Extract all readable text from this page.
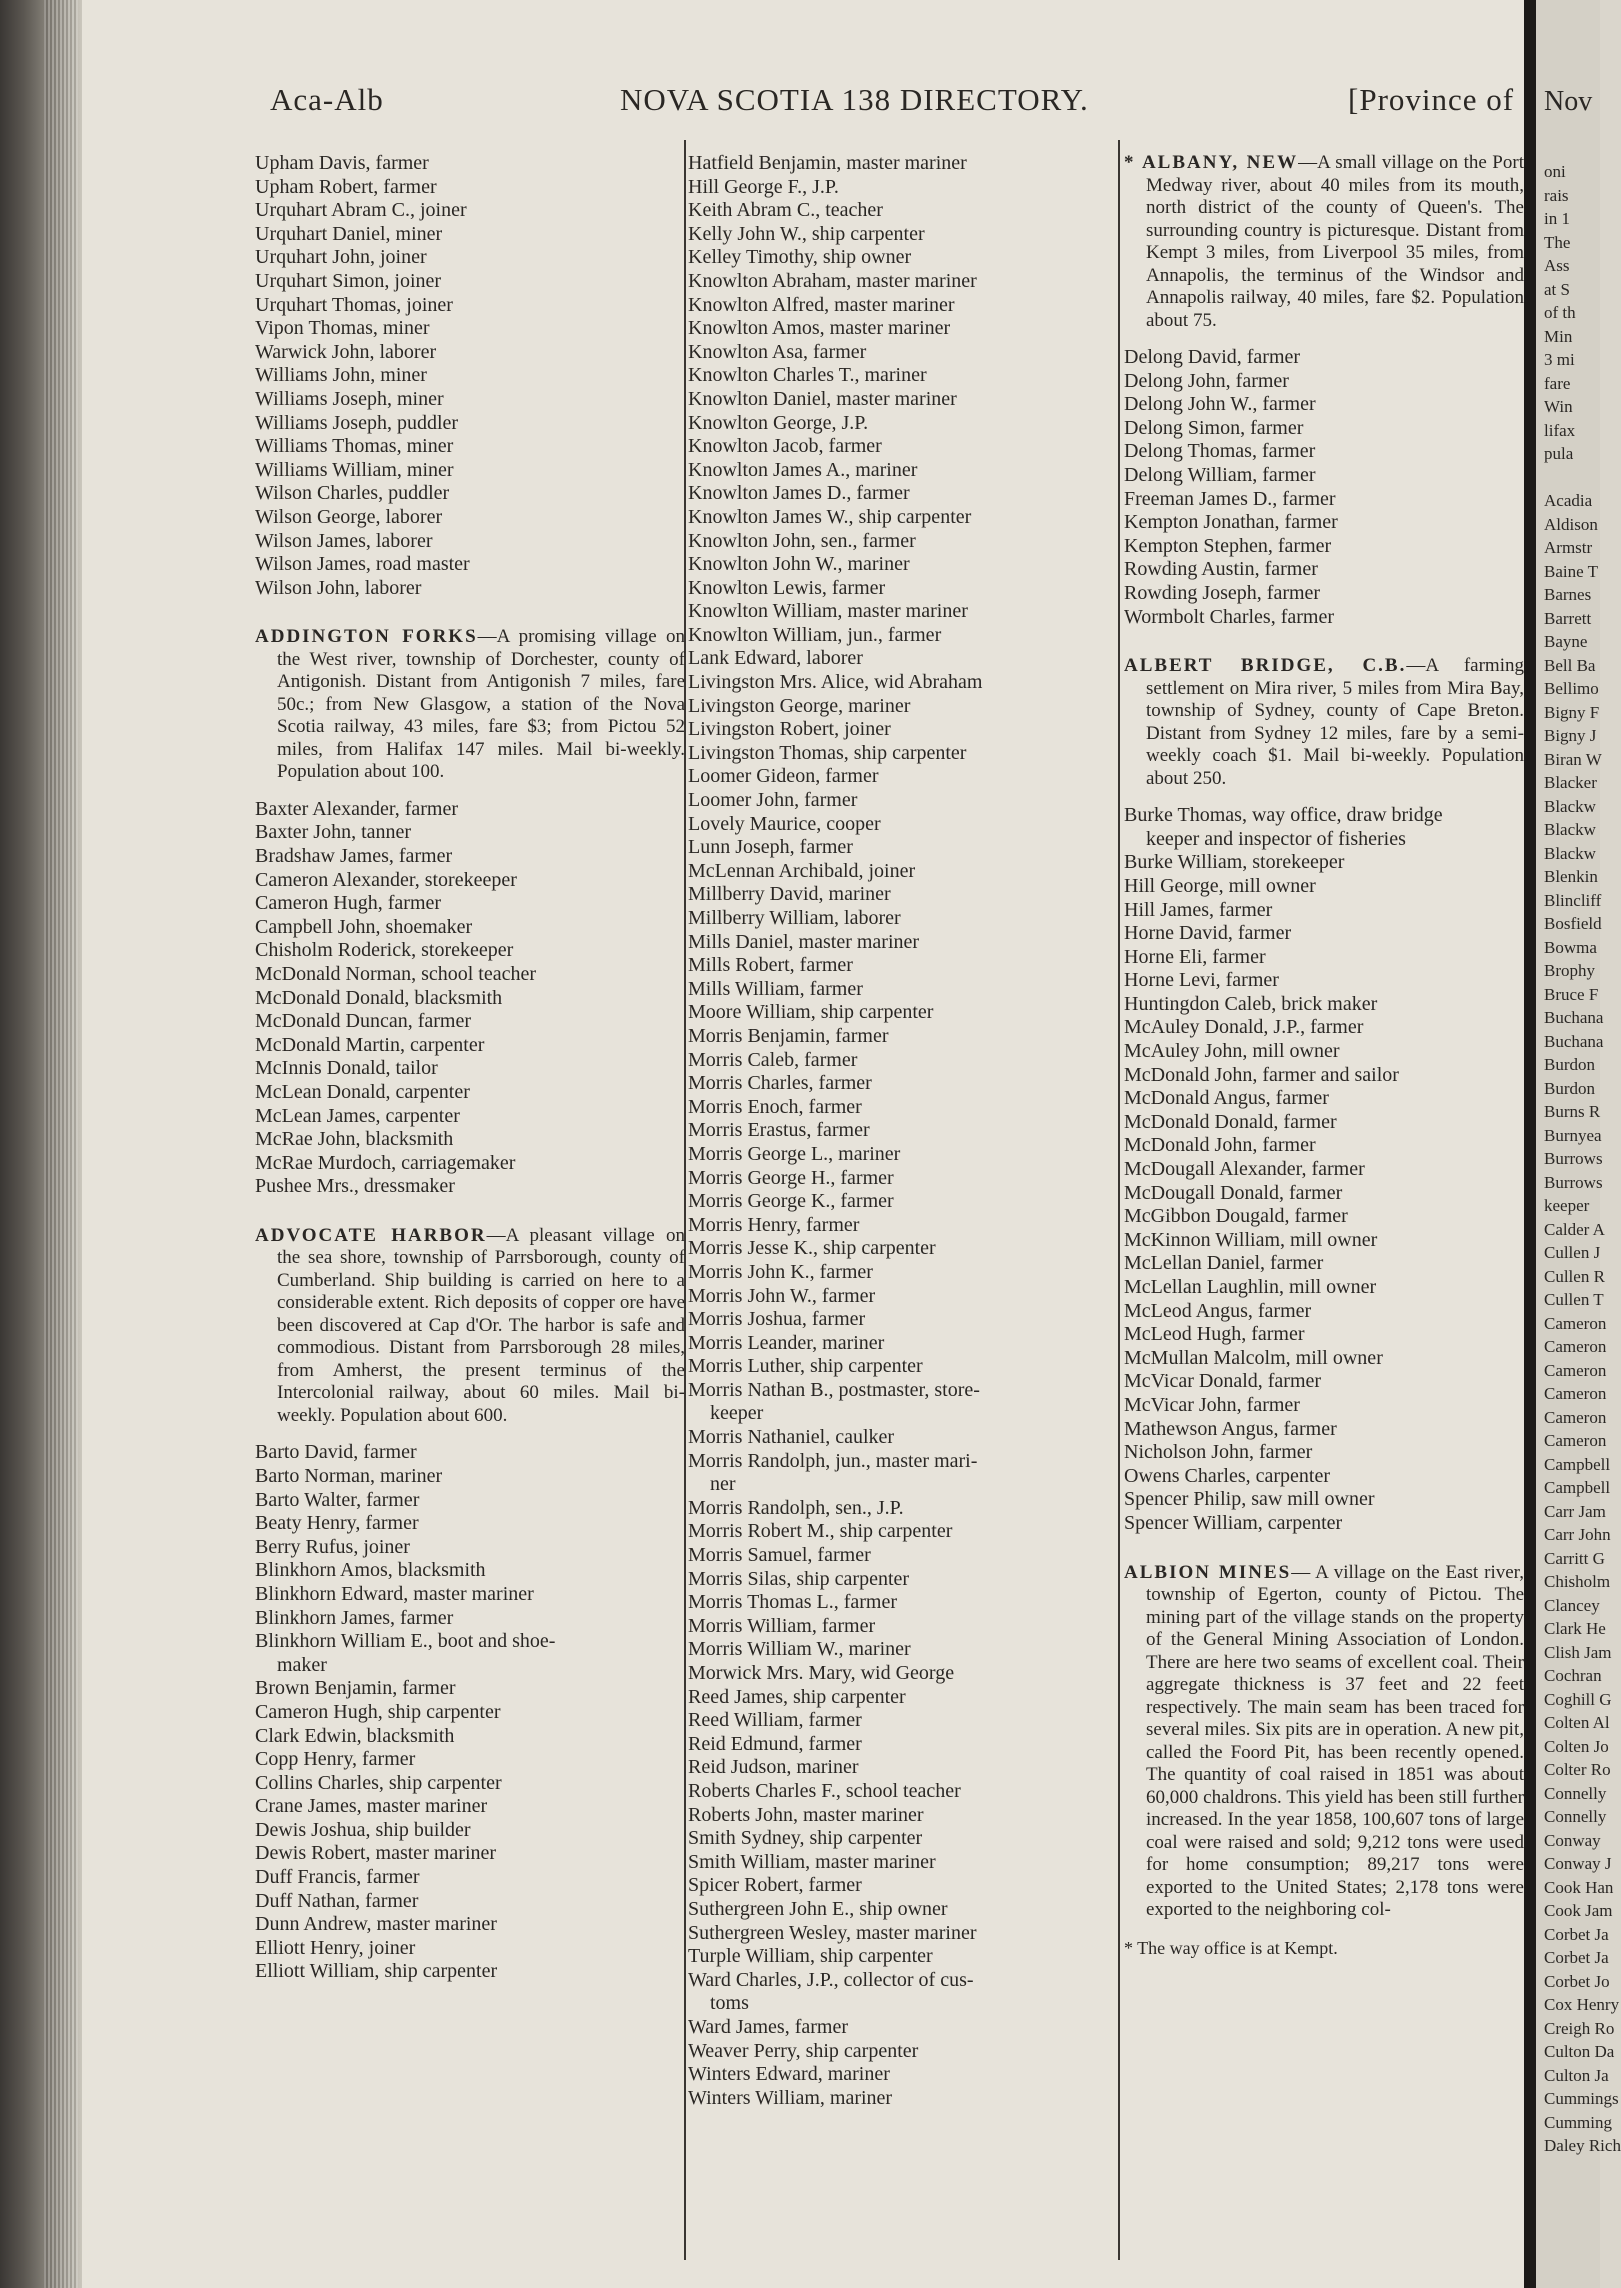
Aca-Alb	NOVA SCOTIA 138 DIRECTORY.	[Province of
Upham Davis, farmer
Upham Robert, farmer
Urquhart Abram C., joiner
Urquhart Daniel, miner
Urquhart John, joiner
Urquhart Simon, joiner
Urquhart Thomas, joiner
Vipon Thomas, miner
Warwick John, laborer
Williams John, miner
Williams Joseph, miner
Williams Joseph, puddler
Williams Thomas, miner
Williams William, miner
Wilson Charles, puddler
Wilson George, laborer
Wilson James, laborer
Wilson James, road master
Wilson John, laborer
ADDINGTON FORKS—A promising village on the West river, township of Dorchester, county of Antigonish. Distant from Antigonish 7 miles, fare 50c.; from New Glasgow, a station of the Nova Scotia railway, 43 miles, fare $3; from Pictou 52 miles, from Halifax 147 miles. Mail bi-weekly. Population about 100.
Baxter Alexander, farmer
Baxter John, tanner
Bradshaw James, farmer
Cameron Alexander, storekeeper
Cameron Hugh, farmer
Campbell John, shoemaker
Chisholm Roderick, storekeeper
McDonald Norman, school teacher
McDonald Donald, blacksmith
McDonald Duncan, farmer
McDonald Martin, carpenter
McInnis Donald, tailor
McLean Donald, carpenter
McLean James, carpenter
McRae John, blacksmith
McRae Murdoch, carriagemaker
Pushee Mrs., dressmaker
ADVOCATE HARBOR—A pleasant village on the sea shore, township of Parrsborough, county of Cumberland. Ship building is carried on here to a considerable extent. Rich deposits of copper ore have been discovered at Cap d'Or. The harbor is safe and commodious. Distant from Parrsborough 28 miles, from Amherst, the present terminus of the Intercolonial railway, about 60 miles. Mail bi-weekly. Population about 600.
Barto David, farmer
Barto Norman, mariner
Barto Walter, farmer
Beaty Henry, farmer
Berry Rufus, joiner
Blinkhorn Amos, blacksmith
Blinkhorn Edward, master mariner
Blinkhorn James, farmer
Blinkhorn William E., boot and shoe-
maker
Brown Benjamin, farmer
Cameron Hugh, ship carpenter
Clark Edwin, blacksmith
Copp Henry, farmer
Collins Charles, ship carpenter
Crane James, master mariner
Dewis Joshua, ship builder
Dewis Robert, master mariner
Duff Francis, farmer
Duff Nathan, farmer
Dunn Andrew, master mariner
Elliott Henry, joiner
Elliott William, ship carpenter
Hatfield Benjamin, master mariner
Hill George F., J.P.
Keith Abram C., teacher
Kelly John W., ship carpenter
Kelley Timothy, ship owner
Knowlton Abraham, master mariner
Knowlton Alfred, master mariner
Knowlton Amos, master mariner
Knowlton Asa, farmer
Knowlton Charles T., mariner
Knowlton Daniel, master mariner
Knowlton George, J.P.
Knowlton Jacob, farmer
Knowlton James A., mariner
Knowlton James D., farmer
Knowlton James W., ship carpenter
Knowlton John, sen., farmer
Knowlton John W., mariner
Knowlton Lewis, farmer
Knowlton William, master mariner
Knowlton William, jun., farmer
Lank Edward, laborer
Livingston Mrs. Alice, wid Abraham
Livingston George, mariner
Livingston Robert, joiner
Livingston Thomas, ship carpenter
Loomer Gideon, farmer
Loomer John, farmer
Lovely Maurice, cooper
Lunn Joseph, farmer
McLennan Archibald, joiner
Millberry David, mariner
Millberry William, laborer
Mills Daniel, master mariner
Mills Robert, farmer
Mills William, farmer
Moore William, ship carpenter
Morris Benjamin, farmer
Morris Caleb, farmer
Morris Charles, farmer
Morris Enoch, farmer
Morris Erastus, farmer
Morris George L., mariner
Morris George H., farmer
Morris George K., farmer
Morris Henry, farmer
Morris Jesse K., ship carpenter
Morris John K., farmer
Morris John W., farmer
Morris Joshua, farmer
Morris Leander, mariner
Morris Luther, ship carpenter
Morris Nathan B., postmaster, store-
keeper
Morris Nathaniel, caulker
Morris Randolph, jun., master mari-
ner
Morris Randolph, sen., J.P.
Morris Robert M., ship carpenter
Morris Samuel, farmer
Morris Silas, ship carpenter
Morris Thomas L., farmer
Morris William, farmer
Morris William W., mariner
Morwick Mrs. Mary, wid George
Reed James, ship carpenter
Reed William, farmer
Reid Edmund, farmer
Reid Judson, mariner
Roberts Charles F., school teacher
Roberts John, master mariner
Smith Sydney, ship carpenter
Smith William, master mariner
Spicer Robert, farmer
Suthergreen John E., ship owner
Suthergreen Wesley, master mariner
Turple William, ship carpenter
Ward Charles, J.P., collector of cus-
toms
Ward James, farmer
Weaver Perry, ship carpenter
Winters Edward, mariner
Winters William, mariner
* ALBANY, NEW—A small village on the Port Medway river, about 40 miles from its mouth, north district of the county of Queen's. The surrounding country is picturesque. Distant from Kempt 3 miles, from Liverpool 35 miles, from Annapolis, the terminus of the Windsor and Annapolis railway, 40 miles, fare $2. Population about 75.
Delong David, farmer
Delong John, farmer
Delong John W., farmer
Delong Simon, farmer
Delong Thomas, farmer
Delong William, farmer
Freeman James D., farmer
Kempton Jonathan, farmer
Kempton Stephen, farmer
Rowding Austin, farmer
Rowding Joseph, farmer
Wormbolt Charles, farmer
ALBERT BRIDGE, C.B.—A farming settlement on Mira river, 5 miles from Mira Bay, township of Sydney, county of Cape Breton. Distant from Sydney 12 miles, fare by a semi-weekly coach $1. Mail bi-weekly. Population about 250.
Burke Thomas, way office, draw bridge
keeper and inspector of fisheries
Burke William, storekeeper
Hill George, mill owner
Hill James, farmer
Horne David, farmer
Horne Eli, farmer
Horne Levi, farmer
Huntingdon Caleb, brick maker
McAuley Donald, J.P., farmer
McAuley John, mill owner
McDonald John, farmer and sailor
McDonald Angus, farmer
McDonald Donald, farmer
McDonald John, farmer
McDougall Alexander, farmer
McDougall Donald, farmer
McGibbon Dougald, farmer
McKinnon William, mill owner
McLellan Daniel, farmer
McLellan Laughlin, mill owner
McLeod Angus, farmer
McLeod Hugh, farmer
McMullan Malcolm, mill owner
McVicar Donald, farmer
McVicar John, farmer
Mathewson Angus, farmer
Nicholson John, farmer
Owens Charles, carpenter
Spencer Philip, saw mill owner
Spencer William, carpenter
ALBION MINES— A village on the East river, township of Egerton, county of Pictou. The mining part of the village stands on the property of the General Mining Association of London. There are here two seams of excellent coal. Their aggregate thickness is 37 feet and 22 feet respectively. The main seam has been traced for several miles. Six pits are in operation. A new pit, called the Foord Pit, has been recently opened. The quantity of coal raised in 1851 was about 60,000 chaldrons. This yield has been still further increased. In the year 1858, 100,607 tons of large coal were raised and sold; 9,212 tons were used for home consumption; 89,217 tons were exported to the United States; 2,178 tons were exported to the neighboring col-
* The way office is at Kempt.
Nov
oni
rais
in 1
The
Ass
at S
of th
Min
3 mi
fare
Win
lifax
pula
Acadia
Aldison
Armstr
Baine T
Barnes
Barrett
Bayne
Bell Ba
Bellimo
Bigny F
Bigny J
Biran W
Blacker
Blackw
Blackw
Blackw
Blenkin
Blincliff
Bosfield
Bowma
Brophy
Bruce F
Buchana
Buchana
Burdon
Burdon
Burns R
Burnyea
Burrows
Burrows
keeper
Calder A
Cullen J
Cullen R
Cullen T
Cameron
Cameron
Cameron
Cameron
Cameron
Cameron
Campbell
Campbell
Carr Jam
Carr John
Carritt G
Chisholm
Clancey
Clark He
Clish Jam
Cochran
Coghill G
Colten Al
Colten Jo
Colter Ro
Connelly
Connelly
Conway
Conway J
Cook Han
Cook Jam
Corbet Ja
Corbet Ja
Corbet Jo
Cox Henry
Creigh Ro
Culton Da
Culton Ja
Cummings
Cumming
Daley Rich
